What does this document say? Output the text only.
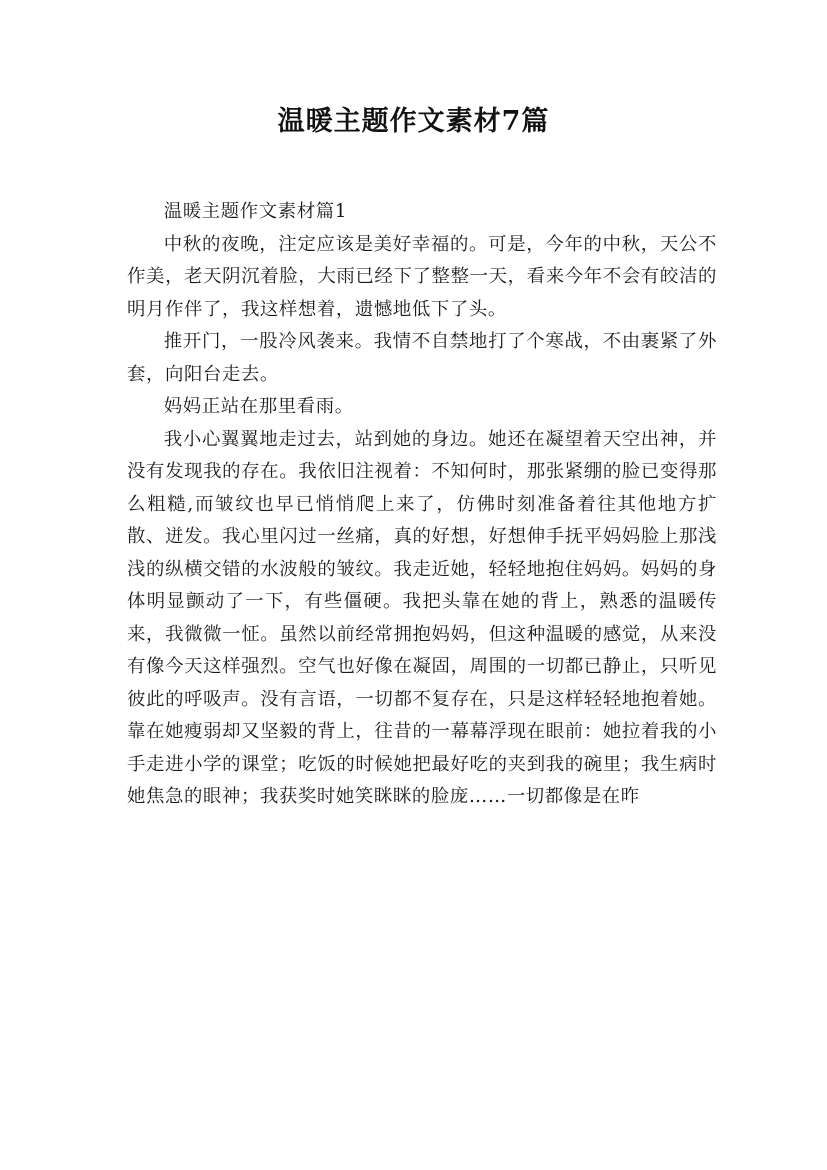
温暖主题作文素材7篇

温暖主题作文素材篇1

中秋的夜晚，注定应该是美好幸福的。可是，今年的中秋，天公不作美，老天阴沉着脸，大雨已经下了整整一天，看来今年不会有皎洁的明月作伴了，我这样想着，遗憾地低下了头。

推开门，一股冷风袭来。我情不自禁地打了个寒战，不由裹紧了外套，向阳台走去。

妈妈正站在那里看雨。

我小心翼翼地走过去，站到她的身边。她还在凝望着天空出神，并没有发现我的存在。我依旧注视着：不知何时，那张紧绷的脸已变得那么粗糙,而皱纹也早已悄悄爬上来了，仿佛时刻准备着往其他地方扩散、迸发。我心里闪过一丝痛，真的好想，好想伸手抚平妈妈脸上那浅浅的纵横交错的水波般的皱纹。我走近她，轻轻地抱住妈妈。妈妈的身体明显颤动了一下，有些僵硬。我把头靠在她的背上，熟悉的温暖传来，我微微一怔。虽然以前经常拥抱妈妈，但这种温暖的感觉，从来没有像今天这样强烈。空气也好像在凝固，周围的一切都已静止，只听见彼此的呼吸声。没有言语，一切都不复存在，只是这样轻轻地抱着她。靠在她瘦弱却又坚毅的背上，往昔的一幕幕浮现在眼前：她拉着我的小手走进小学的课堂；吃饭的时候她把最好吃的夹到我的碗里；我生病时她焦急的眼神；我获奖时她笑眯眯的脸庞……一切都像是在昨
